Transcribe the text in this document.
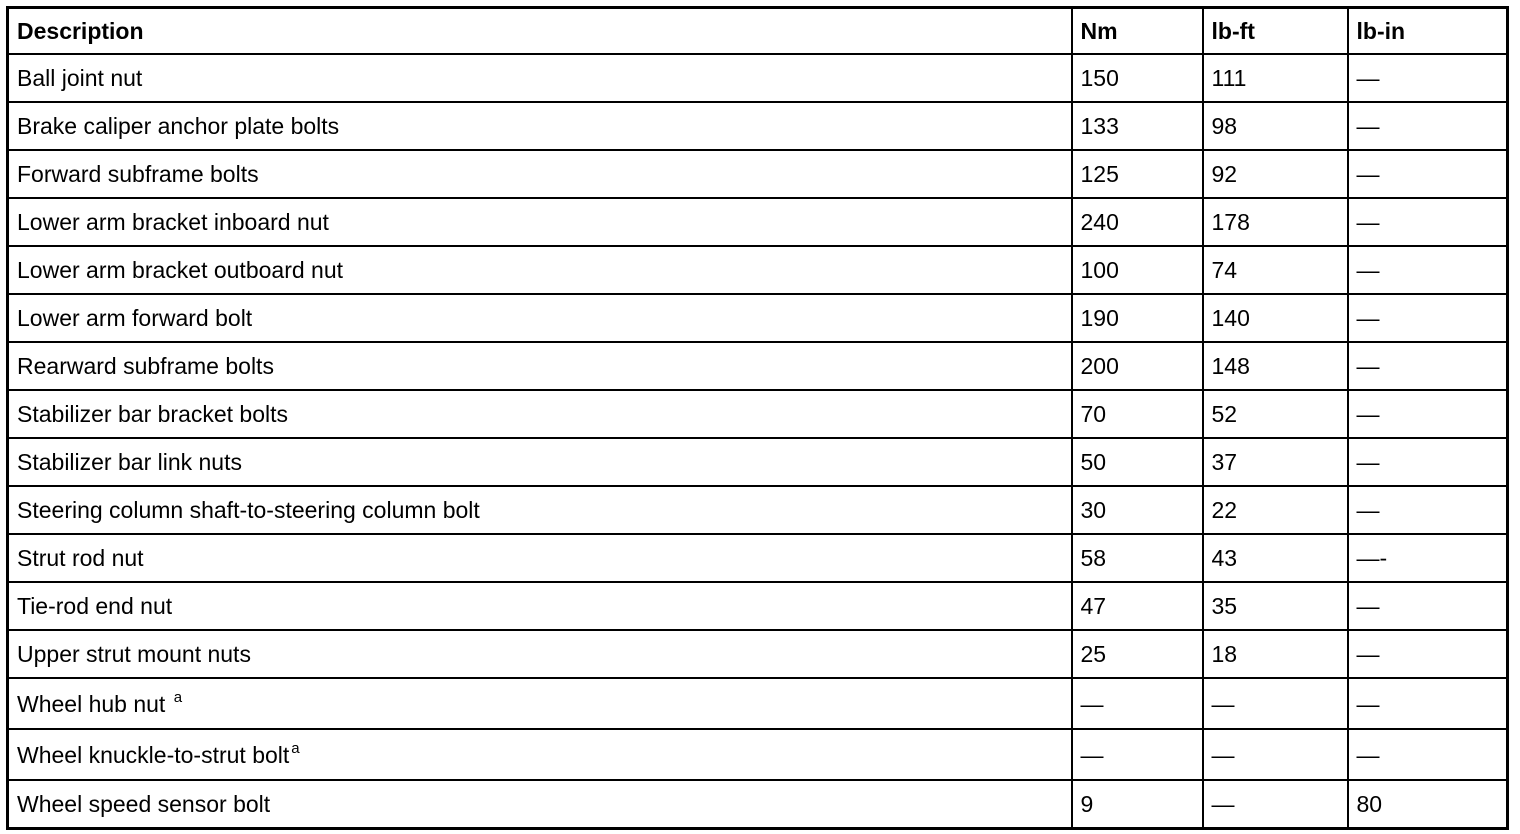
Description	Nm	lb-ft	lb-in
Ball joint nut	150	111	—
Brake caliper anchor plate bolts	133	98	—
Forward subframe bolts	125	92	—
Lower arm bracket inboard nut	240	178	—
Lower arm bracket outboard nut	100	74	—
Lower arm forward bolt	190	140	—
Rearward subframe bolts	200	148	—
Stabilizer bar bracket bolts	70	52	—
Stabilizer bar link nuts	50	37	—
Steering column shaft-to-steering column bolt	30	22	—
Strut rod nut	58	43	—-
Tie-rod end nut	47	35	—
Upper strut mount nuts	25	18	—
Wheel hub nut $^a$	—	—	—
Wheel knuckle-to-strut bolt $^a$	—	—	—
Wheel speed sensor bolt	9	—	80
